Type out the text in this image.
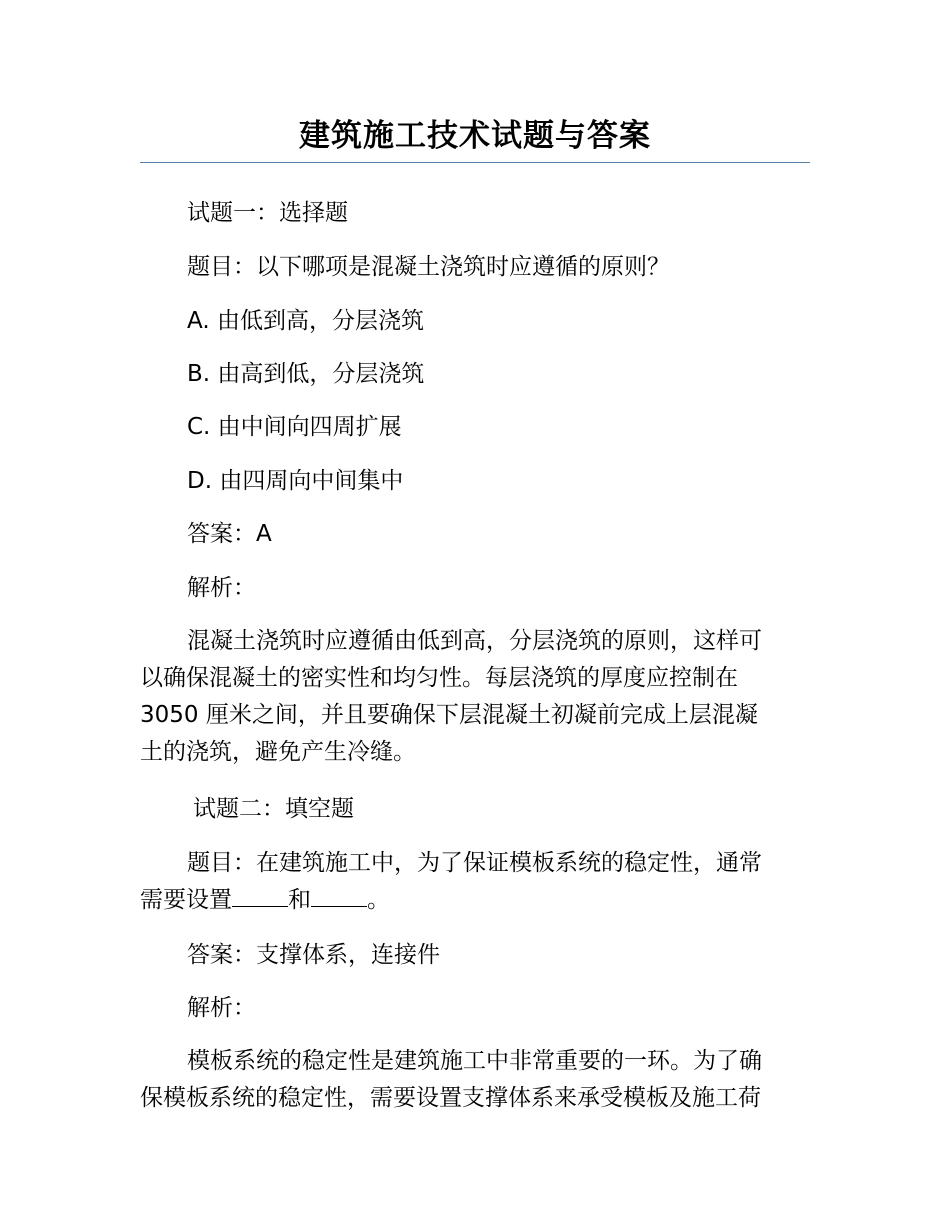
建筑施工技术试题与答案
试题一：选择题
题目：以下哪项是混凝土浇筑时应遵循的原则？
A. 由低到高，分层浇筑
B. 由高到低，分层浇筑
C. 由中间向四周扩展
D. 由四周向中间集中
答案：A
解析：
混凝土浇筑时应遵循由低到高，分层浇筑的原则，这样可
以确保混凝土的密实性和均匀性。每层浇筑的厚度应控制在
3050 厘米之间，并且要确保下层混凝土初凝前完成上层混凝
土的浇筑，避免产生冷缝。
试题二：填空题
题目：在建筑施工中，为了保证模板系统的稳定性，通常
需要设置 和 。
答案：支撑体系，连接件
解析：
模板系统的稳定性是建筑施工中非常重要的一环。为了确
保模板系统的稳定性，需要设置支撑体系来承受模板及施工荷
